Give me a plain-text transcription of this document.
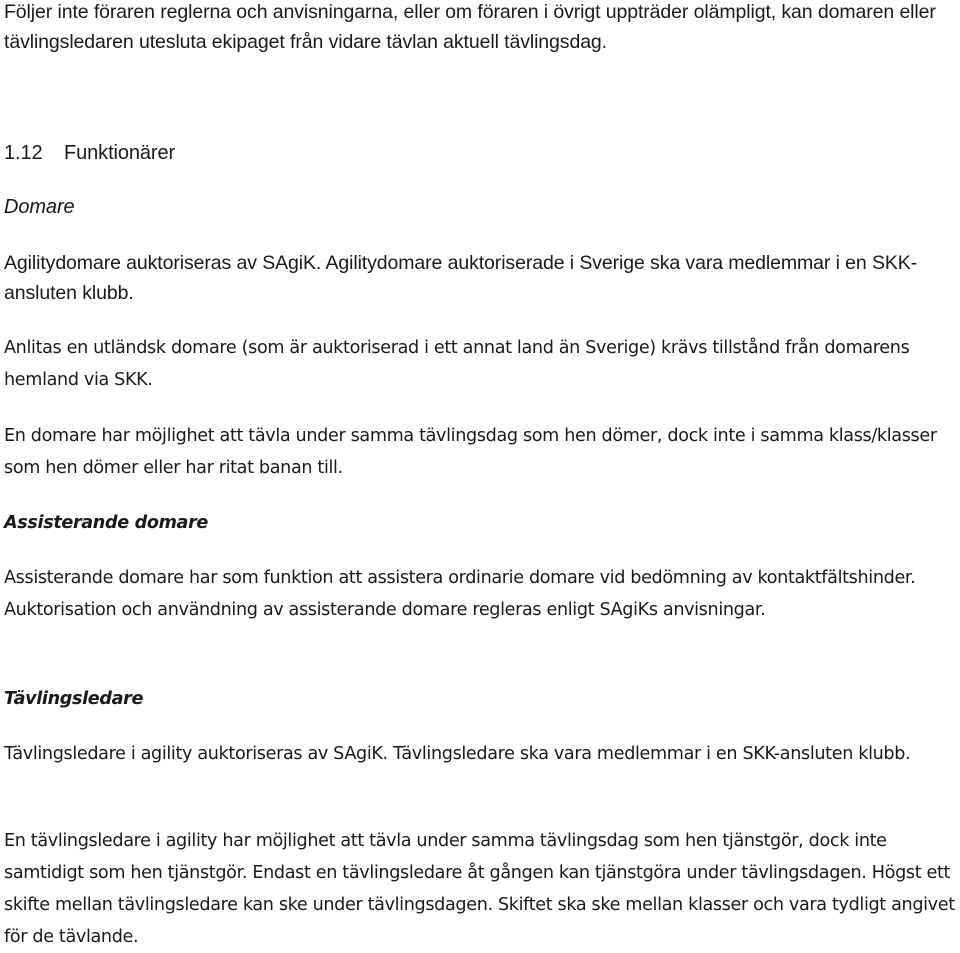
Följer inte föraren reglerna och anvisningarna, eller om föraren i övrigt uppträder olämpligt, kan domaren eller tävlingsledaren utesluta ekipaget från vidare tävlan aktuell tävlingsdag.

1.12 Funktionärer
Domare

Agilitydomare auktoriseras av SAgiK. Agilitydomare auktoriserade i Sverige ska vara medlemmar i en SKK-ansluten klubb.

Anlitas en utländsk domare (som är auktoriserad i ett annat land än Sverige) krävs tillstånd från domarens hemland via SKK.

En domare har möjlighet att tävla under samma tävlingsdag som hen dömer, dock inte i samma klass/klasser som hen dömer eller har ritat banan till.

Assisterande domare

Assisterande domare har som funktion att assistera ordinarie domare vid bedömning av kontaktfältshinder. Auktorisation och användning av assisterande domare regleras enligt SAgiKs anvisningar.

Tävlingsledare

Tävlingsledare i agility auktoriseras av SAgiK. Tävlingsledare ska vara medlemmar i en SKK-ansluten klubb.

En tävlingsledare i agility har möjlighet att tävla under samma tävlingsdag som hen tjänstgör, dock inte samtidigt som hen tjänstgör. Endast en tävlingsledare åt gången kan tjänstgöra under tävlingsdagen. Högst ett skifte mellan tävlingsledare kan ske under tävlingsdagen. Skiftet ska ske mellan klasser och vara tydligt angivet för de tävlande.
